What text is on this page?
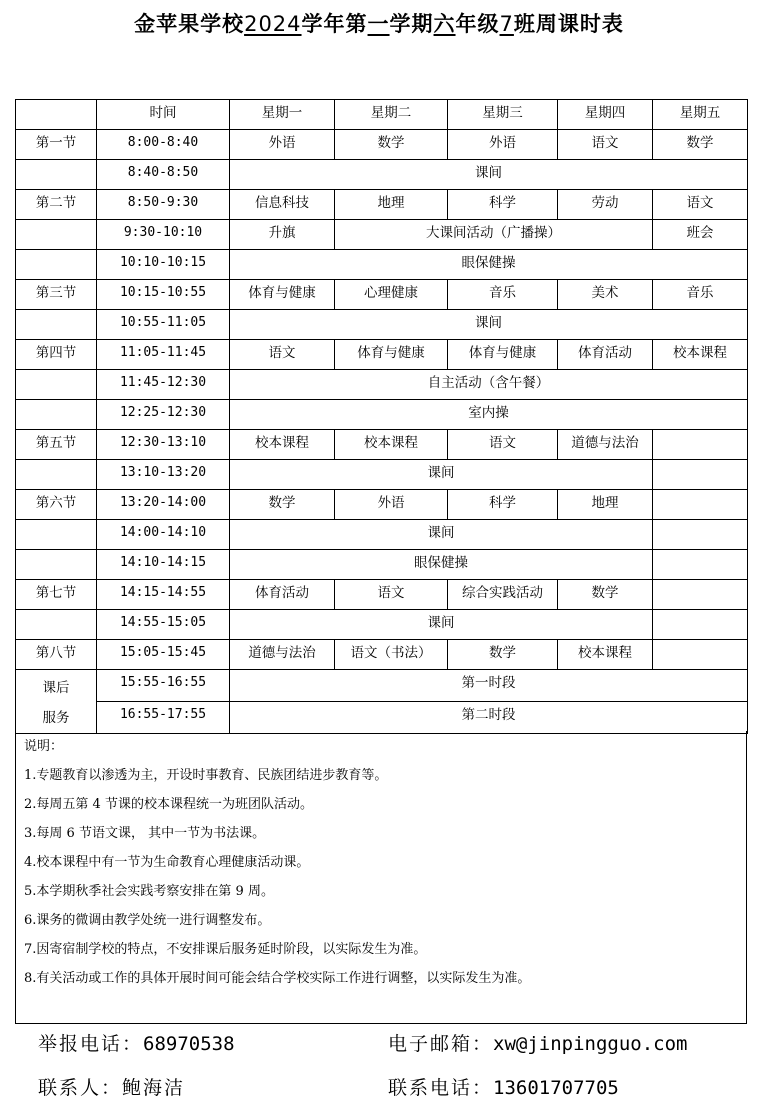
金苹果学校2024学年第一学期六年级7班周课时表
	时间	星期一	星期二	星期三	星期四	星期五
第一节	8:00-8:40	外语	数学	外语	语文	数学
	8:40-8:50	课间				
第二节	8:50-9:30	信息科技	地理	科学	劳动	语文
	9:30-10:10	升旗	大课间活动（广播操）			班会
	10:10-10:15	眼保健操				
第三节	10:15-10:55	体育与健康	心理健康	音乐	美术	音乐
	10:55-11:05	课间				
第四节	11:05-11:45	语文	体育与健康	体育与健康	体育活动	校本课程
	11:45-12:30	自主活动（含午餐）				
	12:25-12:30	室内操				
第五节	12:30-13:10	校本课程	校本课程	语文	道德与法治	
	13:10-13:20	课间				
第六节	13:20-14:00	数学	外语	科学	地理	
	14:00-14:10	课间				
	14:10-14:15	眼保健操				
第七节	14:15-14:55	体育活动	语文	综合实践活动	数学	
	14:55-15:05	课间				
第八节	15:05-15:45	道德与法治	语文（书法）	数学	校本课程	

课后
服务	15:55-16:55	第一时段				
	16:55-17:55	第二时段				
说明：
1.专题教育以渗透为主，开设时事教育、民族团结进步教育等。
2.每周五第 4 节课的校本课程统一为班团队活动。
3.每周 6 节语文课， 其中一节为书法课。
4.校本课程中有一节为生命教育心理健康活动课。
5.本学期秋季社会实践考察安排在第 9 周。
6.课务的微调由教学处统一进行调整发布。
7.因寄宿制学校的特点，不安排课后服务延时阶段，以实际发生为准。
8.有关活动或工作的具体开展时间可能会结合学校实际工作进行调整，以实际发生为准。
举报电话：68970538	电子邮箱：xw@jinpingguo.com
联系人：鲍海洁	联系电话：13601707705
